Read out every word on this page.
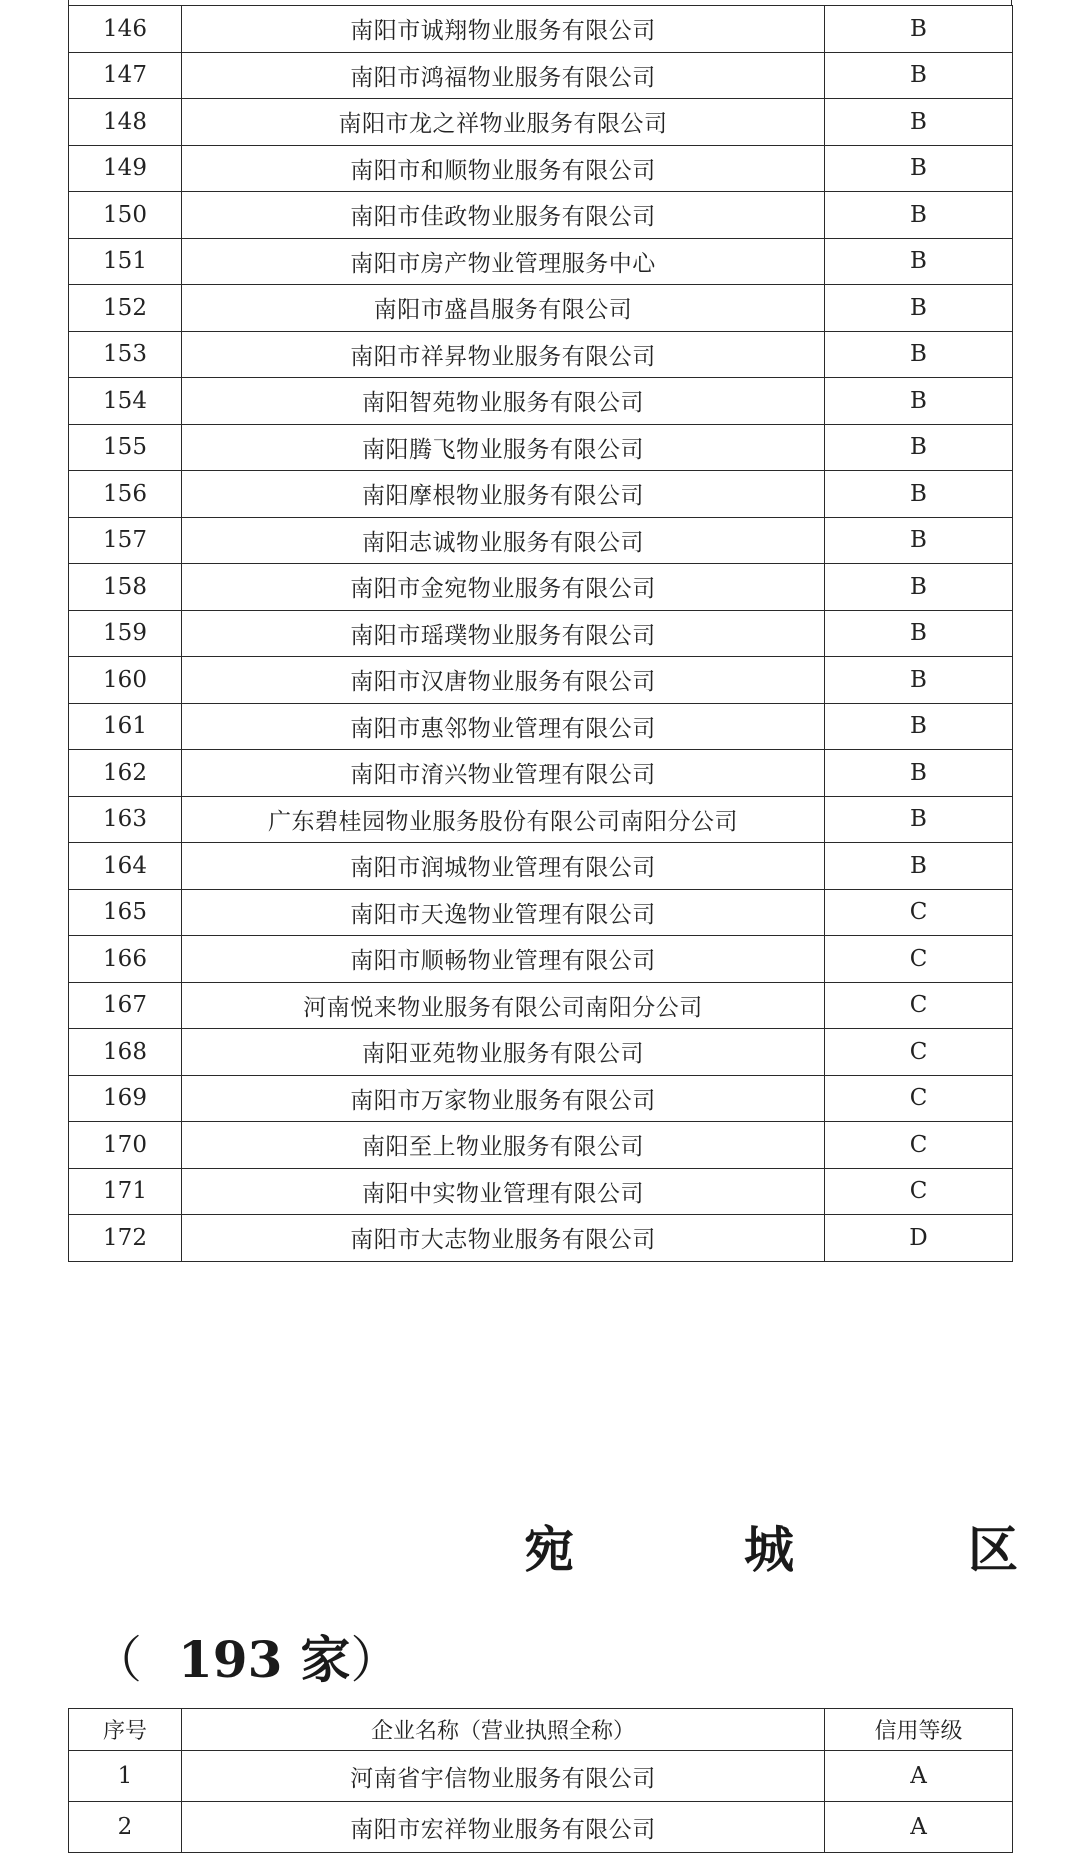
146	南阳市诚翔物业服务有限公司	B
147	南阳市鸿福物业服务有限公司	B
148	南阳市龙之祥物业服务有限公司	B
149	南阳市和顺物业服务有限公司	B
150	南阳市佳政物业服务有限公司	B
151	南阳市房产物业管理服务中心	B
152	南阳市盛昌服务有限公司	B
153	南阳市祥昇物业服务有限公司	B
154	南阳智苑物业服务有限公司	B
155	南阳腾飞物业服务有限公司	B
156	南阳摩根物业服务有限公司	B
157	南阳志诚物业服务有限公司	B
158	南阳市金宛物业服务有限公司	B
159	南阳市瑶璞物业服务有限公司	B
160	南阳市汉唐物业服务有限公司	B
161	南阳市惠邻物业管理有限公司	B
162	南阳市淯兴物业管理有限公司	B
163	广东碧桂园物业服务股份有限公司南阳分公司	B
164	南阳市润城物业管理有限公司	B
165	南阳市天逸物业管理有限公司	C
166	南阳市顺畅物业管理有限公司	C
167	河南悦来物业服务有限公司南阳分公司	C
168	南阳亚苑物业服务有限公司	C
169	南阳市万家物业服务有限公司	C
170	南阳至上物业服务有限公司	C
171	南阳中实物业管理有限公司	C
172	南阳市大志物业服务有限公司	D
宛	城	区
（ 193 家）
序号	企业名称（营业执照全称）	信用等级
1	河南省宇信物业服务有限公司	A
2	南阳市宏祥物业服务有限公司	A
